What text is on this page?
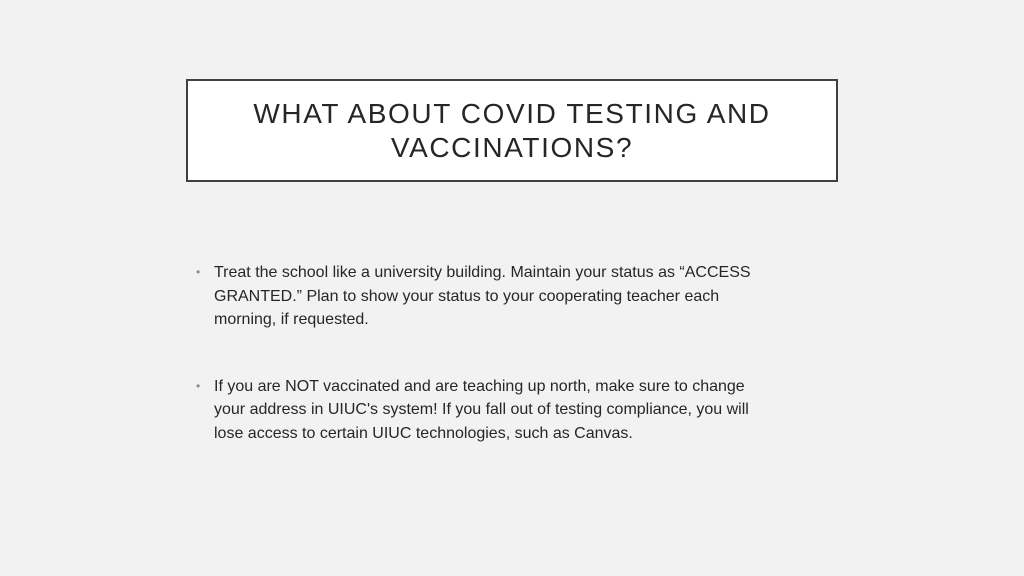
WHAT ABOUT COVID TESTING AND
VACCINATIONS?
• Treat the school like a university building. Maintain your status as “ACCESS
GRANTED.” Plan to show your status to your cooperating teacher each
morning, if requested.
• If you are NOT vaccinated and are teaching up north, make sure to change
your address in UIUC's system! If you fall out of testing compliance, you will
lose access to certain UIUC technologies, such as Canvas.
